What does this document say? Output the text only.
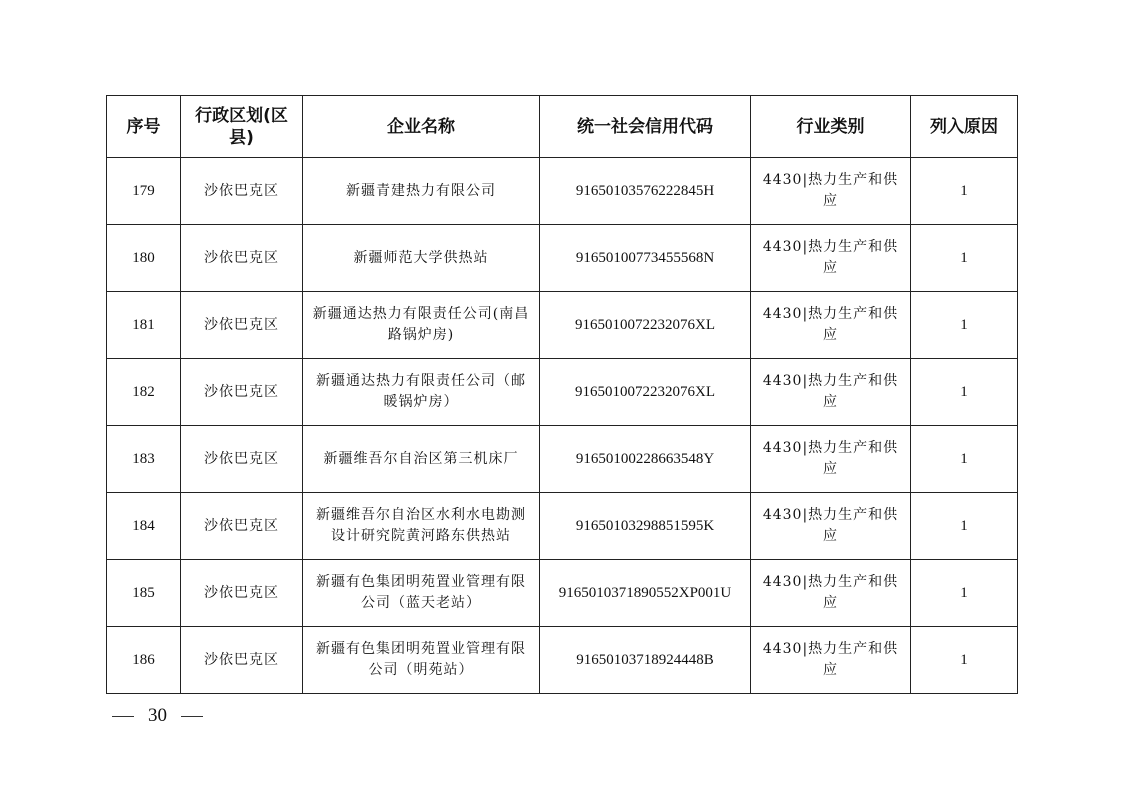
序号	行政区划(区县)	企业名称	统一社会信用代码	行业类别	列入原因
179	沙依巴克区	新疆青建热力有限公司	91650103576222845H	4430|热力生产和供应	1
180	沙依巴克区	新疆师范大学供热站	91650100773455568N	4430|热力生产和供应	1
181	沙依巴克区	新疆通达热力有限责任公司(南昌路锅炉房)	9165010072232076XL	4430|热力生产和供应	1
182	沙依巴克区	新疆通达热力有限责任公司（邮暖锅炉房）	9165010072232076XL	4430|热力生产和供应	1
183	沙依巴克区	新疆维吾尔自治区第三机床厂	91650100228663548Y	4430|热力生产和供应	1
184	沙依巴克区	新疆维吾尔自治区水利水电勘测设计研究院黄河路东供热站	91650103298851595K	4430|热力生产和供应	1
185	沙依巴克区	新疆有色集团明苑置业管理有限公司（蓝天老站）	9165010371890552XP001U	4430|热力生产和供应	1
186	沙依巴克区	新疆有色集团明苑置业管理有限公司（明苑站）	91650103718924448B	4430|热力生产和供应	1
30
